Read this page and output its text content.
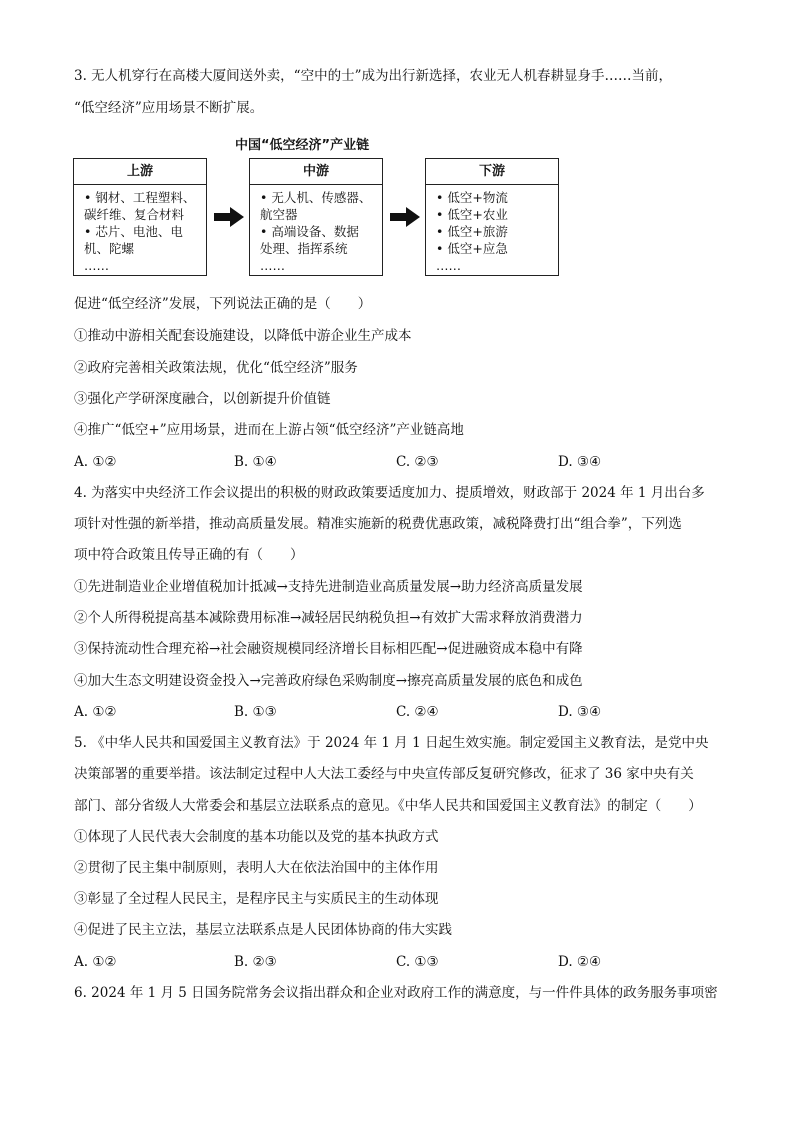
3. 无人机穿行在高楼大厦间送外卖，“空中的士”成为出行新选择，农业无人机春耕显身手……当前，
“低空经济”应用场景不断扩展。
中国“低空经济”产业链
上游
• 钢材、工程塑料、
碳纤维、复合材料
• 芯片、电池、电
机、陀螺
……
中游
• 无人机、传感器、
航空器
• 高端设备、数据
处理、指挥系统
……
下游
• 低空+物流
• 低空+农业
• 低空+旅游
• 低空+应急
……
促进“低空经济”发展，下列说法正确的是（　　）
①推动中游相关配套设施建设，以降低中游企业生产成本
②政府完善相关政策法规，优化“低空经济”服务
③强化产学研深度融合，以创新提升价值链
④推广“低空+”应用场景，进而在上游占领“低空经济”产业链高地
A. ①②	B. ①④	C. ②③	D. ③④
4. 为落实中央经济工作会议提出的积极的财政政策要适度加力、提质增效，财政部于 2024 年 1 月出台多
项针对性强的新举措，推动高质量发展。精准实施新的税费优惠政策，减税降费打出“组合拳”，下列选
项中符合政策且传导正确的有（　　）
①先进制造业企业增值税加计抵减→支持先进制造业高质量发展→助力经济高质量发展
②个人所得税提高基本减除费用标准→减轻居民纳税负担→有效扩大需求释放消费潜力
③保持流动性合理充裕→社会融资规模同经济增长目标相匹配→促进融资成本稳中有降
④加大生态文明建设资金投入→完善政府绿色采购制度→擦亮高质量发展的底色和成色
A. ①②	B. ①③	C. ②④	D. ③④
5. 《中华人民共和国爱国主义教育法》于 2024 年 1 月 1 日起生效实施。制定爱国主义教育法，是党中央
决策部署的重要举措。该法制定过程中人大法工委经与中央宣传部反复研究修改，征求了 36 家中央有关
部门、部分省级人大常委会和基层立法联系点的意见。《中华人民共和国爱国主义教育法》的制定（　　）
①体现了人民代表大会制度的基本功能以及党的基本执政方式
②贯彻了民主集中制原则，表明人大在依法治国中的主体作用
③彰显了全过程人民民主，是程序民主与实质民主的生动体现
④促进了民主立法，基层立法联系点是人民团体协商的伟大实践
A. ①②	B. ②③	C. ①③	D. ②④
6. 2024 年 1 月 5 日国务院常务会议指出群众和企业对政府工作的满意度，与一件件具体的政务服务事项密
